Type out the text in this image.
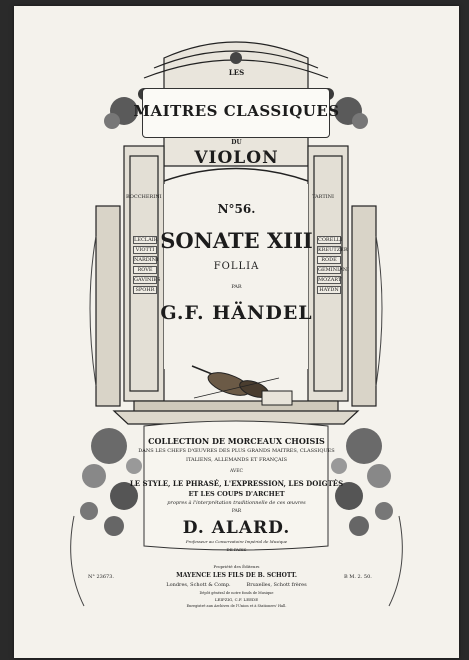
LES
MAITRES CLASSIQUES
DU
VIOLON
BOCCHERINI	TARTINI
LECLAIR
VIOTTI
NARDINI
ROVE
GAVINIES
SPOHR
CORELLI
KREUTZER
RODE
GEMINIANI
MOZART
HAYDN
N°56.
SONATE XIII
FOLLIA
PAR
G.F. HÄNDEL
COLLECTION DE MORCEAUX CHOISIS
DANS LES CHEFS D'ŒUVRES DES PLUS GRANDS MAITRES, CLASSIQUES
ITALIENS, ALLEMANDS ET FRANÇAIS
AVEC
LE STYLE, LE PHRASÉ, L'EXPRESSION, LES DOIGTÉS
ET LES COUPS D'ARCHET
propres à l'interprétation traditionnelle de ces œuvres
PAR
D. ALARD.
Professeur au Conservatoire Impérial de Musique
DE PARIS
Propriété des Éditeurs
MAYENCE LES FILS DE B. SCHOTT.
Londres, Schott & Comp.	Bruxelles, Schott frères
Dépôt général de notre fonds de Musique
LEIPZIG, C.F. LEEDE
Enregistré aux Archives de l'Union et à Stationers' Hall.
N° 23673.	B M. 2. 50.
